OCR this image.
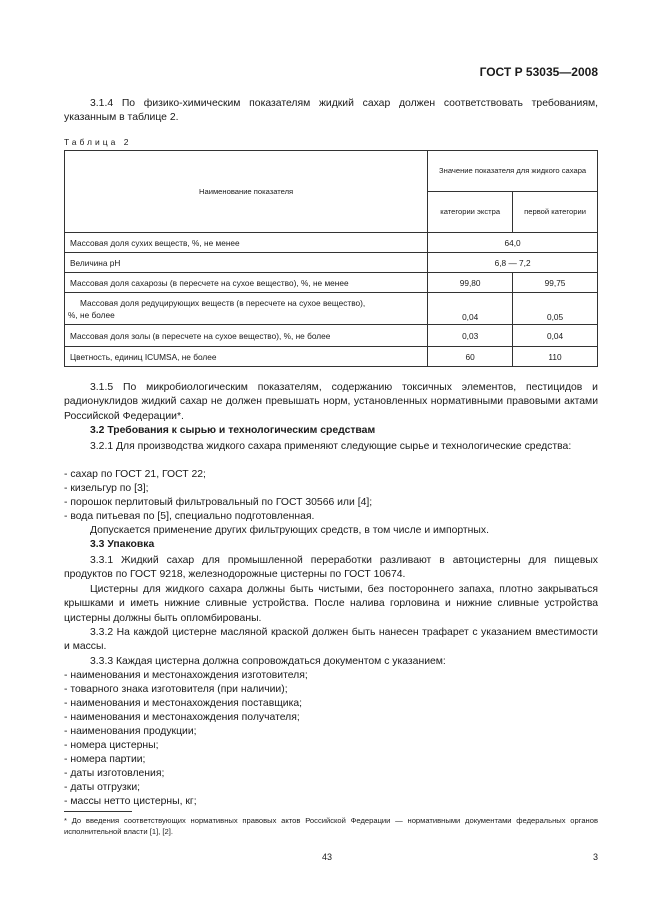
ГОСТ Р 53035—2008
3.1.4 По физико-химическим показателям жидкий сахар должен соответствовать требованиям, указанным в таблице 2.
Таблица 2
Наименование показателя	Значение показателя для жидкого сахара	
	категории экстра	первой категории
Массовая доля сухих веществ, %, не менее	64,0	
Величина pH	6,8 — 7,2	
Массовая доля сахарозы (в пересчете на сухое вещество), %, не менее	99,80	99,75
Массовая доля редуцирующих веществ (в пересчете на сухое вещество),
%, не более	0,04	0,05
Массовая доля золы (в пересчете на сухое вещество), %, не более	0,03	0,04
Цветность, единиц ICUMSA, не более	60	110
3.1.5 По микробиологическим показателям, содержанию токсичных элементов, пестицидов и радионуклидов жидкий сахар не должен превышать норм, установленных нормативными правовыми актами Российской Федерации*.
3.2 Требования к сырью и технологическим средствам
3.2.1 Для производства жидкого сахара применяют следующие сырье и технологические средства:
- сахар по ГОСТ 21, ГОСТ 22;
- кизельгур по [3];
- порошок перлитовый фильтровальный по ГОСТ 30566 или [4];
- вода питьевая по [5], специально подготовленная.
Допускается применение других фильтрующих средств, в том числе и импортных.
3.3 Упаковка
3.3.1 Жидкий сахар для промышленной переработки разливают в автоцистерны для пищевых продуктов по ГОСТ 9218, железнодорожные цистерны по ГОСТ 10674.
Цистерны для жидкого сахара должны быть чистыми, без постороннего запаха, плотно закрываться крышками и иметь нижние сливные устройства. После налива горловина и нижние сливные устройства цистерны должны быть опломбированы.
3.3.2 На каждой цистерне масляной краской должен быть нанесен трафарет с указанием вместимости и массы.
3.3.3 Каждая цистерна должна сопровождаться документом с указанием:
- наименования и местонахождения изготовителя;
- товарного знака изготовителя (при наличии);
- наименования и местонахождения поставщика;
- наименования и местонахождения получателя;
- наименования продукции;
- номера цистерны;
- номера партии;
- даты изготовления;
- даты отгрузки;
- массы нетто цистерны, кг;
* До введения соответствующих нормативных правовых актов Российской Федерации — нормативными документами федеральных органов исполнительной власти [1], [2].
43	3
